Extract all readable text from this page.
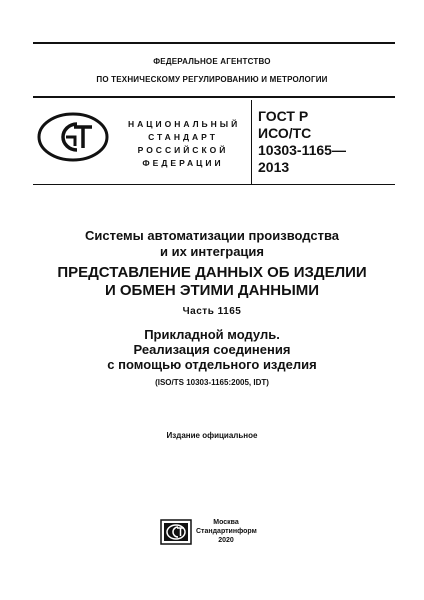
ФЕДЕРАЛЬНОЕ АГЕНТСТВО
ПО ТЕХНИЧЕСКОМУ РЕГУЛИРОВАНИЮ И МЕТРОЛОГИИ
НАЦИОНАЛЬНЫЙ
СТАНДАРТ
РОССИЙСКОЙ
ФЕДЕРАЦИИ
ГОСТ Р
ИСО/ТС
10303-1165—
2013
Системы автоматизации производства
и их интеграция
ПРЕДСТАВЛЕНИЕ ДАННЫХ ОБ ИЗДЕЛИИ
И ОБМЕН ЭТИМИ ДАННЫМИ
Часть 1165
Прикладной модуль.
Реализация соединения
с помощью отдельного изделия
(ISO/TS 10303-1165:2005, IDT)
Издание официальное
Москва
Стандартинформ
2020
